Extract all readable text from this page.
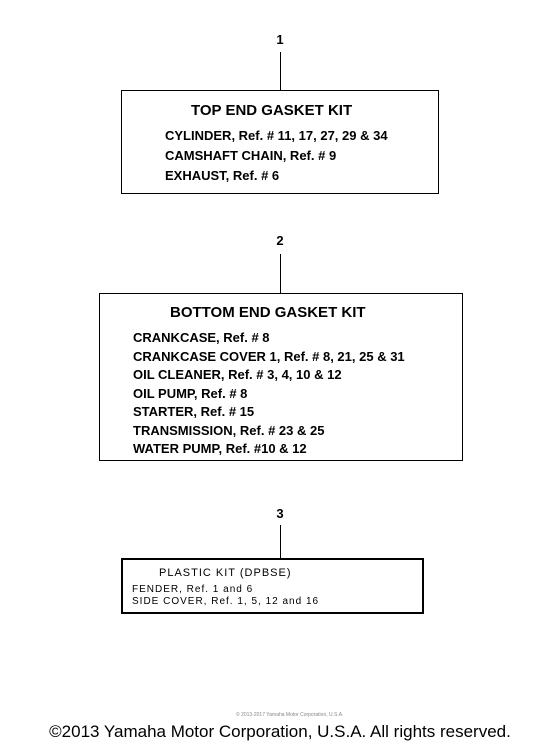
1
TOP END GASKET KIT
CYLINDER, Ref. # 11, 17, 27, 29 & 34
CAMSHAFT CHAIN, Ref. # 9
EXHAUST, Ref. # 6
2
BOTTOM END GASKET KIT
CRANKCASE, Ref. # 8
CRANKCASE COVER 1, Ref. # 8, 21, 25 & 31
OIL CLEANER, Ref. # 3, 4, 10 & 12
OIL PUMP, Ref. # 8
STARTER, Ref. # 15
TRANSMISSION, Ref. # 23 & 25
WATER PUMP, Ref. #10 & 12
3
PLASTIC KIT (DPBSE)
FENDER, Ref. 1 and 6
SIDE COVER, Ref. 1, 5, 12 and 16
© 2013-2017 Yamaha Motor Corporation, U.S.A.
©2013 Yamaha Motor Corporation, U.S.A. All rights reserved.
